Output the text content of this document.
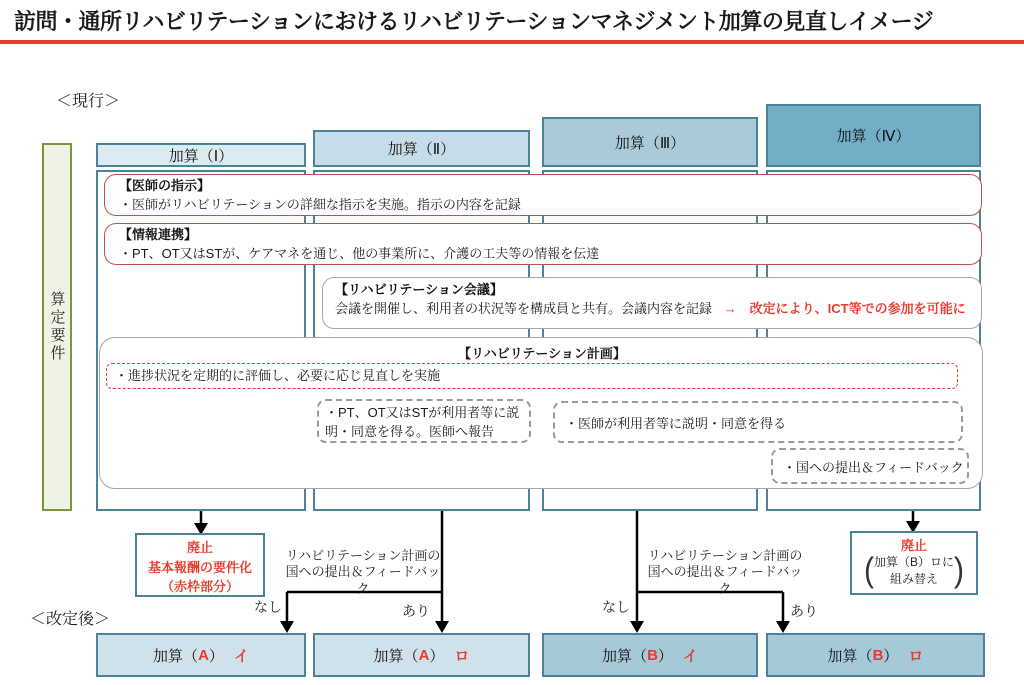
訪問・通所リハビリテーションにおけるリハビリテーションマネジメント加算の見直しイメージ
＜現行＞
算定要件
加算（Ⅰ）	加算（Ⅱ）	加算（Ⅲ）	加算（Ⅳ）
【医師の指示】
・医師がリハビリテーションの詳細な指示を実施。指示の内容を記録
【情報連携】
・PT、OT又はSTが、ケアマネを通じ、他の事業所に、介護の工夫等の情報を伝達
【リハビリテーション会議】
会議を開催し、利用者の状況等を構成員と共有。会議内容を記録 →　改定により、ICT等での参加を可能に
【リハビリテーション計画】
・進捗状況を定期的に評価し、必要に応じ見直しを実施
・PT、OT又はSTが利用者等に説明・同意を得る。医師へ報告
・医師が利用者等に説明・同意を得る
・国への提出＆フィードバック
廃止
基本報酬の要件化
（赤枠部分）
廃止
( 加算（B）ロに
組み替え )
リハビリテーション計画の
国への提出＆フィードバック
リハビリテーション計画の
国への提出＆フィードバック
なし	あり	なし	あり
＜改定後＞
加算（ A ） イ	加算（ A ） ロ	加算（ B ） イ	加算（ B ） ロ
